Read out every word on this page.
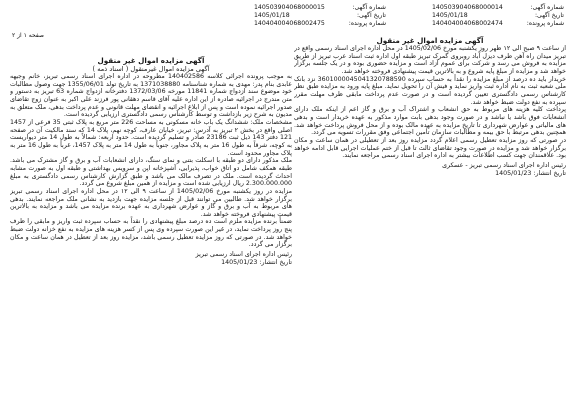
شماره آگهی:
140503904068000014
تاریخ آگهی:
1405/01/18
شماره پرونده:
140404004068002474
شماره آگهی:
140503904068000015
تاریخ آگهی:
1405/01/18
شماره پرونده:
140404004068002475
صفحه ۱ از ۲
آگهی مزایده اموال غیر منقول

از ساعت ۹ صبح الی ۱۲ ظهر روز یکشنبه مورخ 1405/02/06 در محل اداره اجرای اسناد رسمی واقع در تبریز میدان راه آهن طرف دیزل آباد روبروی گمرک تبریز طبقه اول اداره ثبت اسناد عرب تبریز از طریق مزایده به فروش می رسد و شرکت برای عموم آزاد است و مزایده حضوری بوده و در یک جلسه برگزار خواهد شد و مزایده از مبلغ پایه شروع و به بالاترین قیمت پیشنهادی فروخته خواهد شد.

خریدار باید ده درصد از مبلغ مزایده را نقداً به حساب سپرده 3601000045041320788590 نزد بانک ملی شعبه ثبت به نام اداره ثبت واریز نماید و فیش آن را تحویل نماید. مبلغ پایه ورود به مزایده طبق نظر کارشناس رسمی دادگستری تعیین گردیده است و در صورت عدم پرداخت مابقی ظرف مهلت مقرر سپرده به نفع دولت ضبط خواهد شد.

پرداخت کلیه هزینه های مربوط به حق انشعاب و اشتراک آب و برق و گاز اعم از اینکه ملک دارای انشعابات فوق باشد یا نباشد و در صورت وجود بدهی بابت موارد مذکور به عهده خریدار است و بدهی های مالیاتی و عوارض شهرداری تا تاریخ مزایده به عهده مالک بوده و از محل فروش پرداخت خواهد شد. همچنین بدهی مرتبط با حق بیمه و مطالبات سازمان تأمین اجتماعی وفق مقررات تسویه می گردد.

در صورتی که روز مزایده تعطیل رسمی اعلام گردد مزایده روز بعد از تعطیلی در همان ساعت و مکان برگزار خواهد شد و مزایده در صورت وجود تقاضای ثالث تا قبل از ختم عملیات اجرایی قابل ادامه خواهد بود. علاقمندان جهت کسب اطلاعات بیشتر به اداره اجرای اسناد رسمی مراجعه نمایند.

رئیس اداره اجرای اسناد رسمی تبریز - عسکری
تاریخ انتشار: 1405/01/23
آگهی مزایده اموال غیر منقول
آگهی مزایده اموال غیرمنقول ( اسناد ذمه )

به موجب پرونده اجرائی کلاسه 140402586 مطروحه در اداره اجرای اسناد رسمی تبریز، خانم وجیهه عابدی بنام پدر: مهدی به شماره شناسنامه 1371038880 به تاریخ تولد 1355/06/01 جهت وصول مطالبات خود موضوع سند ازدواج شماره 11841 مورخه 1372/03/06 دفترخانه ازدواج شماره 63 تبریز به دستور و متن مندرج در اجرائیه صادره از این اداره علیه آقای قاسم دهقانی پور فرزند علی اکبر به عنوان زوج تقاضای صدور اجرائیه نموده است و پس از ابلاغ اجرائیه و انقضای مهلت قانونی و عدم پرداخت بدهی، ملک متعلق به مدیون به شرح زیر بازداشت و توسط کارشناس رسمی دادگستری ارزیابی گردیده است.

مشخصات ملک: ششدانگ یک باب خانه مسکونی به مساحت 226 متر مربع به پلاک ثبتی 35 فرعی از 1457 اصلی واقع در بخش ۲ تبریز به آدرس: تبریز، خیابان عارف، کوچه نهم، پلاک 14 که سند مالکیت آن در صفحه 121 دفتر 143 ذیل ثبت 23186 صادر و تسلیم گردیده است. حدود اربعه: شمالاً به طول 14 متر دیواریست به کوچه، شرقاً به طول 16 متر به پلاک مجاور، جنوباً به طول 14 متر به پلاک 1457، غرباً به طول 16 متر به پلاک مجاور محدود است.

ملک مذکور دارای دو طبقه با اسکلت بتنی و نمای سنگ، دارای انشعابات آب و برق و گاز مشترک می باشد. طبقه همکف شامل دو اتاق خواب، پذیرایی، آشپزخانه اپن و سرویس بهداشتی و طبقه اول به صورت مشابه احداث گردیده است. ملک در تصرف مالک می باشد و طبق گزارش کارشناس رسمی دادگستری به مبلغ 2.300.000.000 ریال ارزیابی شده است و مزایده از همین مبلغ شروع می گردد.

مزایده در روز یکشنبه مورخ 1405/02/06 از ساعت ۹ الی ۱۲ در محل اداره اجرای اسناد رسمی تبریز برگزار خواهد شد. طالبین می توانند قبل از جلسه مزایده جهت بازدید به نشانی ملک مراجعه نمایند. بدهی های مربوط به آب و برق و گاز و عوارض شهرداری به عهده برنده مزایده می باشد و مزایده به بالاترین قیمت پیشنهادی فروخته خواهد شد.

ضمناً برنده مزایده ملزم است ده درصد مبلغ پیشنهادی را نقداً به حساب سپرده ثبت واریز و مابقی را ظرف پنج روز پرداخت نماید، در غیر این صورت سپرده وی پس از کسر هزینه های مزایده به نفع خزانه دولت ضبط خواهد شد. در صورتی که روز مزایده تعطیل رسمی باشد، مزایده روز بعد از تعطیل در همان ساعت و مکان برگزار می گردد.

رئیس اداره اجرای اسناد رسمی تبریز
تاریخ انتشار: 1405/01/23
